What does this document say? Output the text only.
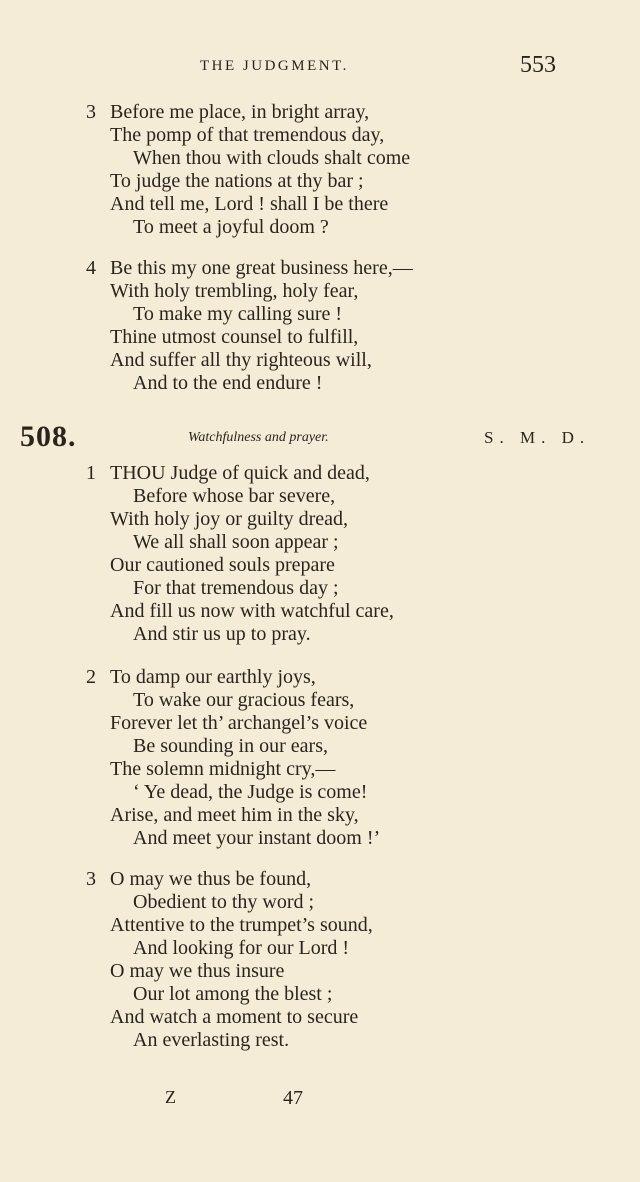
THE JUDGMENT.	553
3 Before me place, in bright array,
The pomp of that tremendous day,
When thou with clouds shalt come
To judge the nations at thy bar ;
And tell me, Lord ! shall I be there
To meet a joyful doom ?
4 Be this my one great business here,—
With holy trembling, holy fear,
To make my calling sure !
Thine utmost counsel to fulfill,
And suffer all thy righteous will,
And to the end endure !
508.	Watchfulness and prayer.	S. M. D.
1 THOU Judge of quick and dead,
Before whose bar severe,
With holy joy or guilty dread,
We all shall soon appear ;
Our cautioned souls prepare
For that tremendous day ;
And fill us now with watchful care,
And stir us up to pray.
2 To damp our earthly joys,
To wake our gracious fears,
Forever let th’ archangel’s voice
Be sounding in our ears,
The solemn midnight cry,—
‘ Ye dead, the Judge is come!
Arise, and meet him in the sky,
And meet your instant doom !’
3 O may we thus be found,
Obedient to thy word ;
Attentive to the trumpet’s sound,
And looking for our Lord !
O may we thus insure
Our lot among the blest ;
And watch a moment to secure
An everlasting rest.
Z	47
